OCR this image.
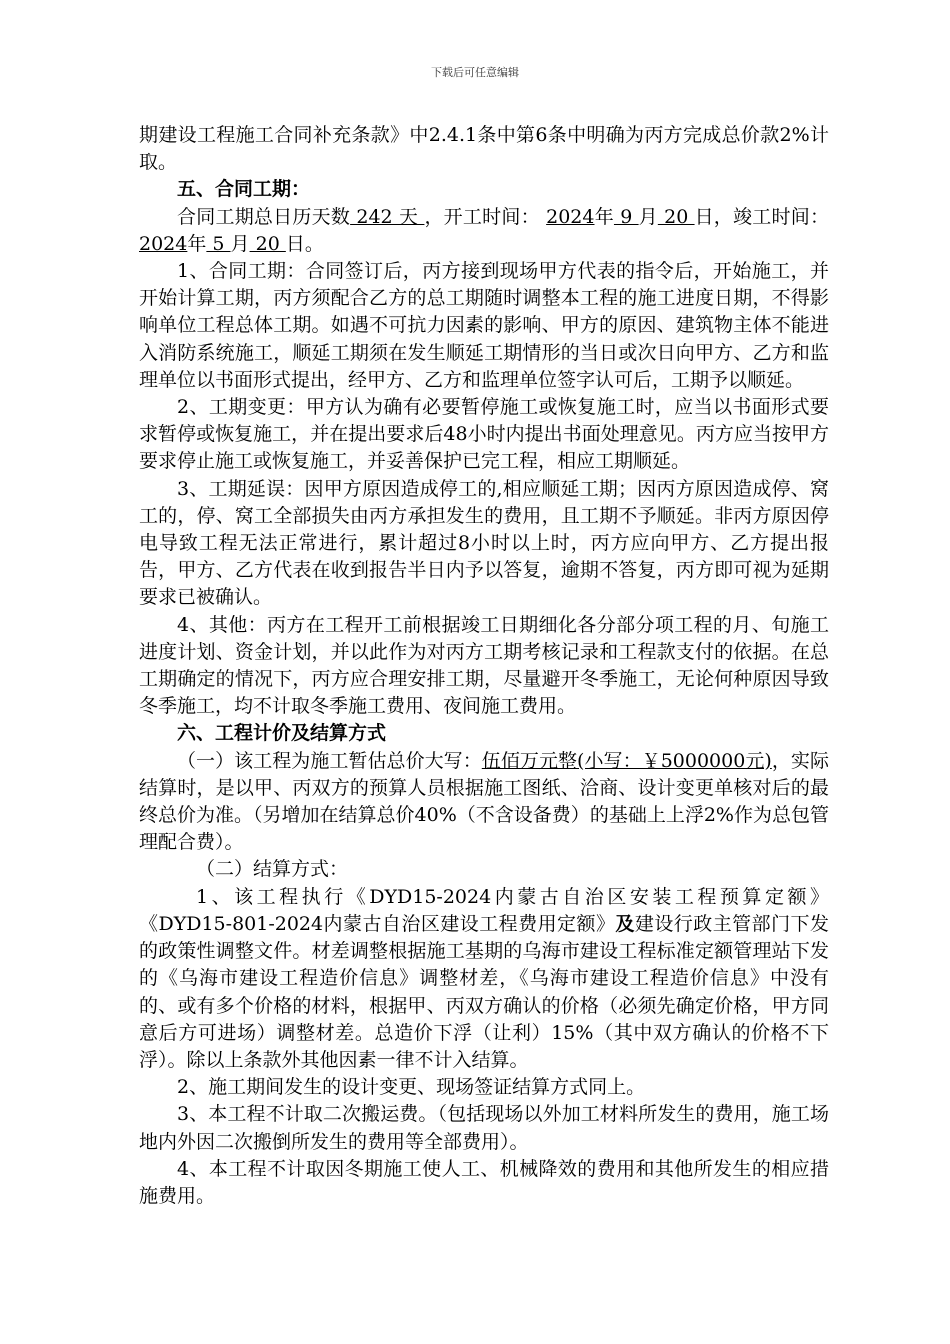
下载后可任意编辑

期建设工程施工合同补充条款》中2.4.1条中第6条中明确为丙方完成总价款2%计取。

五、合同工期：

合同工期总日历天数 242 天 ，开工时间： 2024年 9 月 20 日，竣工时间： 2024年 5 月 20 日。

1、合同工期：合同签订后，丙方接到现场甲方代表的指令后，开始施工，并开始计算工期，丙方须配合乙方的总工期随时调整本工程的施工进度日期，不得影响单位工程总体工期。如遇不可抗力因素的影响、甲方的原因、建筑物主体不能进入消防系统施工，顺延工期须在发生顺延工期情形的当日或次日向甲方、乙方和监理单位以书面形式提出，经甲方、乙方和监理单位签字认可后，工期予以顺延。

2、工期变更：甲方认为确有必要暂停施工或恢复施工时，应当以书面形式要求暂停或恢复施工，并在提出要求后48小时内提出书面处理意见。丙方应当按甲方要求停止施工或恢复施工，并妥善保护已完工程，相应工期顺延。

3、工期延误：因甲方原因造成停工的,相应顺延工期；因丙方原因造成停、窝工的，停、窝工全部损失由丙方承担发生的费用，且工期不予顺延。非丙方原因停电导致工程无法正常进行，累计超过8小时以上时，丙方应向甲方、乙方提出报告，甲方、乙方代表在收到报告半日内予以答复，逾期不答复，丙方即可视为延期要求已被确认。

4、其他：丙方在工程开工前根据竣工日期细化各分部分项工程的月、旬施工进度计划、资金计划，并以此作为对丙方工期考核记录和工程款支付的依据。在总工期确定的情况下，丙方应合理安排工期，尽量避开冬季施工，无论何种原因导致冬季施工，均不计取冬季施工费用、夜间施工费用。

六、工程计价及结算方式

（一）该工程为施工暂估总价大写：伍佰万元整(小写：￥5000000元)，实际结算时，是以甲、丙双方的预算人员根据施工图纸、洽商、设计变更单核对后的最终总价为准。（另增加在结算总价40%（不含设备费）的基础上上浮2%作为总包管理配合费）。

（二）结算方式：

1、该工程执行《DYD15-2024内蒙古自治区安装工程预算定额》《DYD15-801-2024内蒙古自治区建设工程费用定额》及建设行政主管部门下发的政策性调整文件。材差调整根据施工基期的乌海市建设工程标准定额管理站下发的《乌海市建设工程造价信息》调整材差，《乌海市建设工程造价信息》中没有的、或有多个价格的材料，根据甲、丙双方确认的价格（必须先确定价格，甲方同意后方可进场）调整材差。总造价下浮（让利）15%（其中双方确认的价格不下浮）。除以上条款外其他因素一律不计入结算。

2、施工期间发生的设计变更、现场签证结算方式同上。

3、本工程不计取二次搬运费。（包括现场以外加工材料所发生的费用，施工场地内外因二次搬倒所发生的费用等全部费用）。

4、本工程不计取因冬期施工使人工、机械降效的费用和其他所发生的相应措施费用。
